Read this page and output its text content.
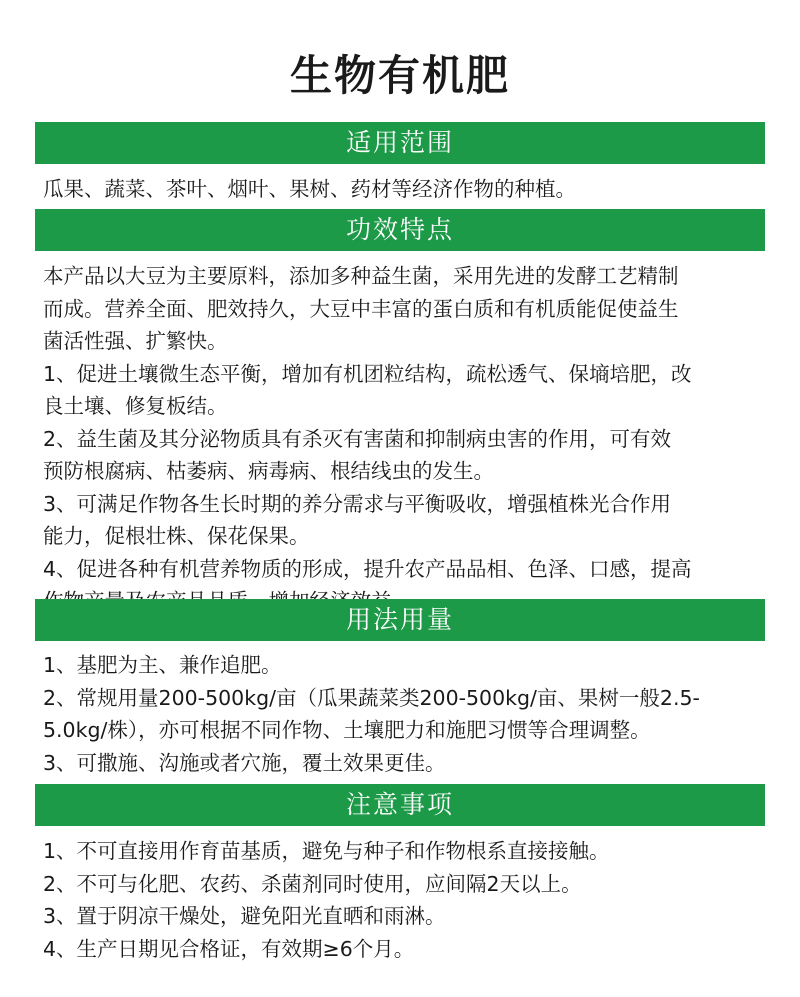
生物有机肥
适用范围

瓜果、蔬菜、茶叶、烟叶、果树、药材等经济作物的种植。

功效特点

本产品以大豆为主要原料，添加多种益生菌，采用先进的发酵工艺精制

而成。营养全面、肥效持久，大豆中丰富的蛋白质和有机质能促使益生

菌活性强、扩繁快。

1、促进土壤微生态平衡，增加有机团粒结构，疏松透气、保墒培肥，改

良土壤、修复板结。

2、益生菌及其分泌物质具有杀灭有害菌和抑制病虫害的作用，可有效

预防根腐病、枯萎病、病毒病、根结线虫的发生。

3、可满足作物各生长时期的养分需求与平衡吸收，增强植株光合作用

能力，促根壮株、保花保果。

4、促进各种有机营养物质的形成，提升农产品品相、色泽、口感，提高

用法用量

1、基肥为主、兼作追肥。

2、常规用量200-500kg/亩（瓜果蔬菜类200-500kg/亩、果树一般2.5-

5.0kg/株），亦可根据不同作物、土壤肥力和施肥习惯等合理调整。

3、可撒施、沟施或者穴施，覆土效果更佳。

注意事项

1、不可直接用作育苗基质，避免与种子和作物根系直接接触。

2、不可与化肥、农药、杀菌剂同时使用，应间隔2天以上。

3、置于阴凉干燥处，避免阳光直晒和雨淋。

4、生产日期见合格证，有效期≥6个月。
